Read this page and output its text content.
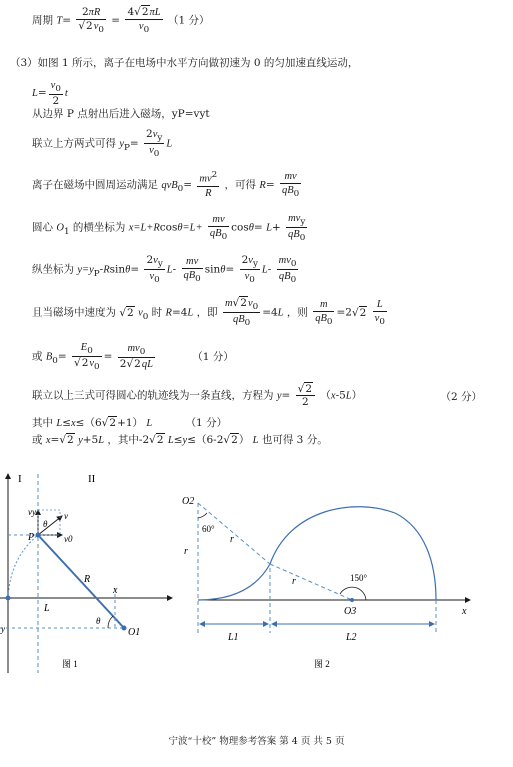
周期 T= 2πR
√ $2v_0 = \frac{4√ 2\pi L}{v_0} (1$ 分）
（3）如图 1 所示，离子在电场中水平方向做初速为 0 的匀加速直线运动，
$L= \frac{v_0}{2}$ t
从边界 P 点射出后进入磁场，yP=vyt
联立上方两式可得 $y_P= \frac{2v_y}{v_0}$ L
离子在磁场中圆周运动满足 $qvB_0= \frac{mv^2}{R}$ ，可得 $R= \frac{mv}{qB_0}$
圆心 $O_1$ 的横坐标为 $x=L+Rcos\theta=L+ \frac{mv}{qB_0} \cos\theta= L+ \frac{mv_y}{qB_0}$
纵坐标为 $y=y_P-Rsin\theta= \frac{2v_y}{v_0} L- \frac{mv}{qB_0} \sin\theta= \frac{2v_y}{v_0} L- \frac{mv_0}{qB_0}$
且当磁场中速度为 √ 2 $v_0$ 时 R=4L ，即 $\frac{m√ 2v_0}{qB_0} =4L$ ，则 $\frac{m}{qB_0} =2√$ $2 \frac{L}{v_0}$
或 $B_0= E_0$
√ $2v_0 = \frac{mv_0}{2√ 2qL}$	（1 分）
联立以上三式可得圆心的轨迹线为一条直线，方程为 y=
√ $\frac{2}{2} (x-5L)$	（2 分）
其中 L≤x≤（6√ 2+1） L	（1 分）
或 x=√ 2 y+5L ，其中-2√ 2 L≤y≤（6-2√ 2） L 也可得 3 分。
I	II
vy
θ
v
P	v0
R
x
L
θ
O1
y
图 1
O2
60°
r
r
r	150°
O3	x
L1	L2
图 2
宁波“十校” 物理参考答案 第 4 页 共 5 页
